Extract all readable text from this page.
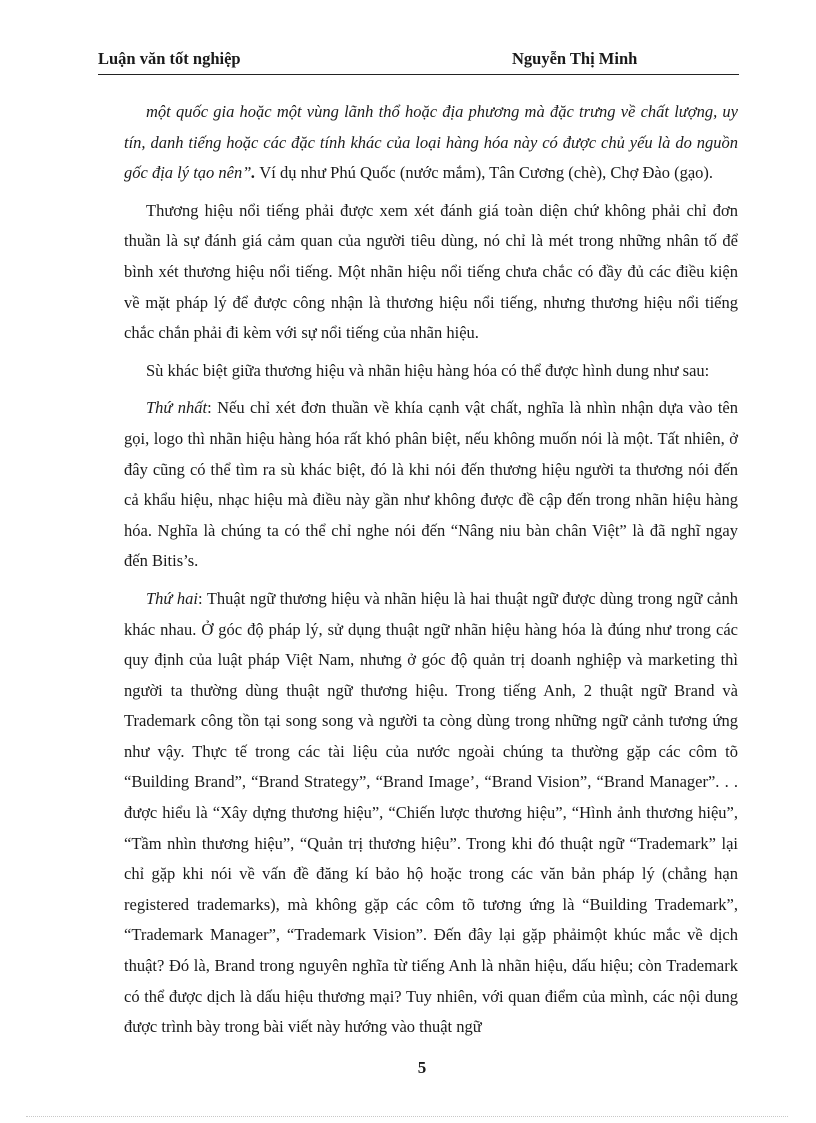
Luận văn tốt nghiệp	Nguyễn Thị Minh

một quốc gia hoặc một vùng lãnh thổ hoặc địa phương mà đặc trưng về chất lượng, uy tín, danh tiếng hoặc các đặc tính khác của loại hàng hóa này có được chủ yếu là do nguồn gốc địa lý tạo nên”. Ví dụ như Phú Quốc (nước mắm), Tân Cương (chè), Chợ Đào (gạo).

Thương hiệu nổi tiếng phải được xem xét đánh giá toàn diện chứ không phải chỉ đơn thuần là sự đánh giá cảm quan của người tiêu dùng, nó chỉ là mét trong những nhân tố để bình xét thương hiệu nổi tiếng. Một nhãn hiệu nổi tiếng chưa chắc có đầy đủ các điều kiện về mặt pháp lý để được công nhận là thương hiệu nổi tiếng, nhưng thương hiệu nổi tiếng chắc chắn phải đi kèm với sự nổi tiếng của nhãn hiệu.

Sù khác biệt giữa thương hiệu và nhãn hiệu hàng hóa có thể được hình dung như sau:

Thứ nhất: Nếu chỉ xét đơn thuần về khía cạnh vật chất, nghĩa là nhìn nhận dựa vào tên gọi, logo thì nhãn hiệu hàng hóa rất khó phân biệt, nếu không muốn nói là một. Tất nhiên, ở đây cũng có thể tìm ra sù khác biệt, đó là khi nói đến thương hiệu người ta thương nói đến cả khẩu hiệu, nhạc hiệu mà điều này gần như không được đề cập đến trong nhãn hiệu hàng hóa. Nghĩa là chúng ta có thể chỉ nghe nói đến “Nâng niu bàn chân Việt” là đã nghĩ ngay đến Bitis’s.

Thứ hai: Thuật ngữ thương hiệu và nhãn hiệu là hai thuật ngữ được dùng trong ngữ cảnh khác nhau. Ở góc độ pháp lý, sử dụng thuật ngữ nhãn hiệu hàng hóa là đúng như trong các quy định của luật pháp Việt Nam, nhưng ở góc độ quản trị doanh nghiệp và marketing thì người ta thường dùng thuật ngữ thương hiệu. Trong tiếng Anh, 2 thuật ngữ Brand và Trademark công tồn tại song song và người ta còng dùng trong những ngữ cảnh tương ứng như vậy. Thực tế trong các tài liệu của nước ngoài chúng ta thường gặp các côm tõ “Building Brand”, “Brand Strategy”, “Brand Image’, “Brand Vision”, “Brand Manager”. . . được hiểu là “Xây dựng thương hiệu”, “Chiến lược thương hiệu”, “Hình ảnh thương hiệu”, “Tầm nhìn thương hiệu”, “Quản trị thương hiệu”. Trong khi đó thuật ngữ “Trademark” lại chỉ gặp khi nói về vấn đề đăng kí bảo hộ hoặc trong các văn bản pháp lý (chẳng hạn registered trademarks), mà không gặp các côm tõ tương ứng là “Building Trademark”, “Trademark Manager”, “Trademark Vision”. Đến đây lại gặp phảimột khúc mắc về dịch thuật? Đó là, Brand trong nguyên nghĩa từ tiếng Anh là nhãn hiệu, dấu hiệu; còn Trademark có thể được dịch là dấu hiệu thương mại? Tuy nhiên, với quan điểm của mình, các nội dung được trình bày trong bài viết này hướng vào thuật ngữ

5
